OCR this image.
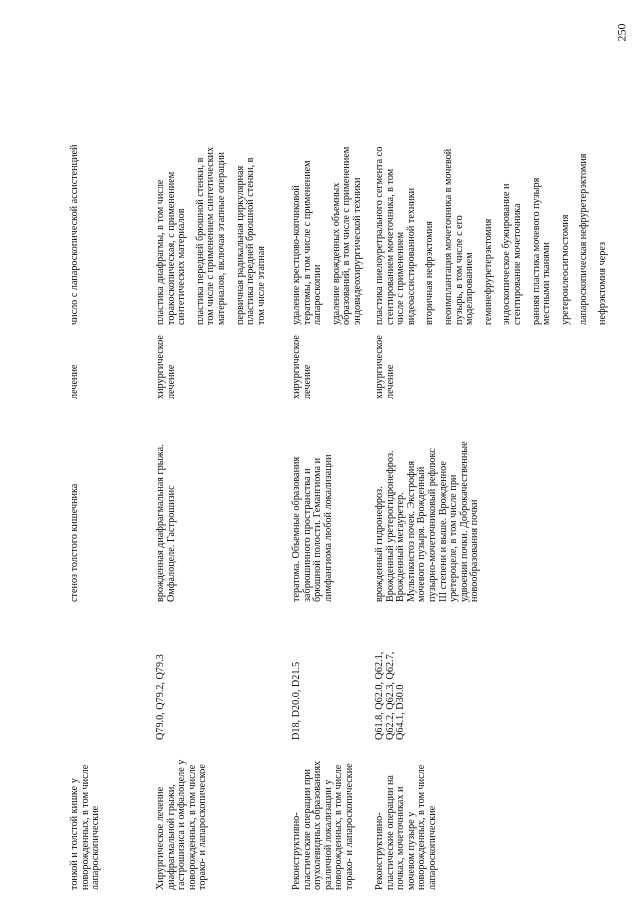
250
тонкой и толстой кишке у новорожденных, в том числе лапароскопические
стеноз толстого кишечника
лечение
число с лапароскопической ассистенцией
Хирургическое лечение диафрагмальной грыжи, гастрошизиса и омфалоцеле у новорожденных, в том числе торако- и лапароскопическое
Q79.0, Q79.2, Q79.3
врожденная диафрагмальная грыжа. Омфалоцеле. Гастрошизис
хирургическое лечение
пластика диафрагмы, в том числе торакоскопическая, с применением синтетических материалов пластика передней брюшной стенки, в том числе с применением синтетических материалов, включая этапные операции первичная радикальная циркулярная пластика передней брюшной стенки, в том числе этапная
Реконструктивно- пластические операции при опухолевидных образованиях различной локализации у новорожденных, в том числе торако- и лапароскопические
D18, D20.0, D21.5
тератома. Объемные образования забрюшинного пространства и брюшной полости. Гемангиома и лимфангиома любой локализации
хирургическое лечение
удаление крестцово-копчиковой тератомы, в том числе с применением лапароскопии удаление врожденных объемных образований, в том числе с применением эндовидеохирургической техники
Реконструктивно- пластические операции на почках, мочеточниках и мочевом пузыре у новорожденных, в том числе лапароскопические
Q61.8, Q62.0, Q62.1, Q62.2, Q62.3, Q62.7, Q64.1, D30.0
врожденный гидронефроз. Врожденный уретерогидронефроз. Врожденный мегауретер. Мультикистоз почек. Экстрофия мочевого пузыря. Врожденный пузырно-мочеточниковый рефлюкс III степени и выше. Врожденное уретероцеле, в том числе при удвоении почки. Доброкачественные новообразования почки
хирургическое лечение
пластика пиелоуретрального сегмента со стентированием мочеточника, в том числе с применением видеоассистированной техники вторичная нефрэктомия неоимплантация мочеточника в мочевой пузырь, в том числе с его моделированием геминефруретерэктомия эндоскопическое бужирование и стентирование мочеточника ранняя пластика мочевого пузыря местными тканями уретероилеосигмостомия лапароскопическая нефруретерэктомия нефрэктомия через
